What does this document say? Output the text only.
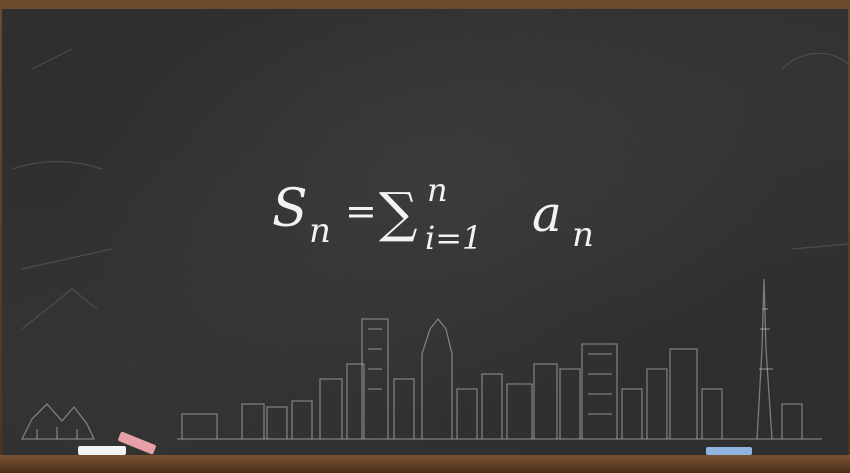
S n = ∑ n
i=1 a n
